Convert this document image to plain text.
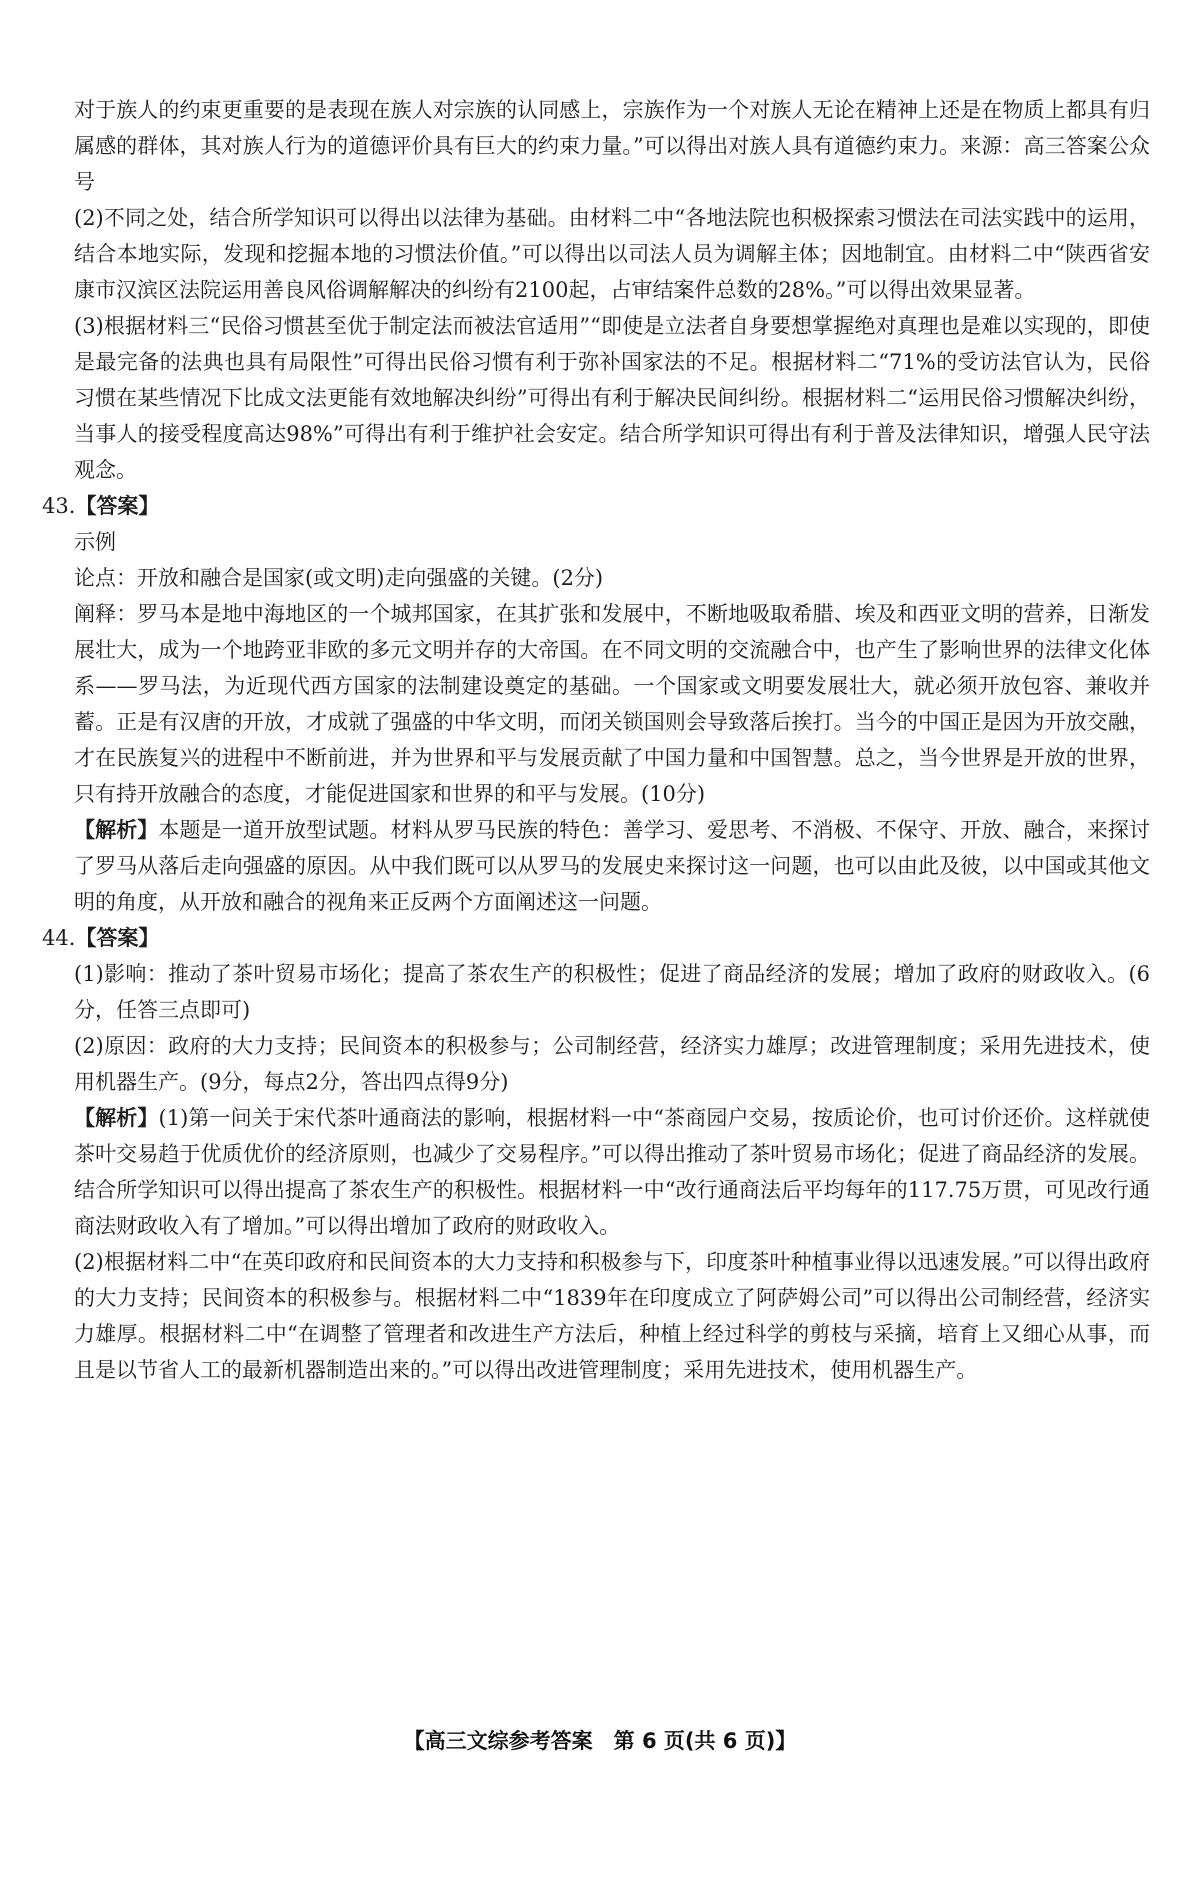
对于族人的约束更重要的是表现在族人对宗族的认同感上，宗族作为一个对族人无论在精神上还是在物质上都具有归属感的群体，其对族人行为的道德评价具有巨大的约束力量。”可以得出对族人具有道德约束力。来源：高三答案公众号

(2)不同之处，结合所学知识可以得出以法律为基础。由材料二中“各地法院也积极探索习惯法在司法实践中的运用，结合本地实际，发现和挖掘本地的习惯法价值。”可以得出以司法人员为调解主体；因地制宜。由材料二中“陕西省安康市汉滨区法院运用善良风俗调解解决的纠纷有2100起，占审结案件总数的28%。”可以得出效果显著。

(3)根据材料三“民俗习惯甚至优于制定法而被法官适用”“即使是立法者自身要想掌握绝对真理也是难以实现的，即使是最完备的法典也具有局限性”可得出民俗习惯有利于弥补国家法的不足。根据材料二“71%的受访法官认为，民俗习惯在某些情况下比成文法更能有效地解决纠纷”可得出有利于解决民间纠纷。根据材料二“运用民俗习惯解决纠纷，当事人的接受程度高达98%”可得出有利于维护社会安定。结合所学知识可得出有利于普及法律知识，增强人民守法观念。

43.【答案】

示例

论点：开放和融合是国家(或文明)走向强盛的关键。(2分)

阐释：罗马本是地中海地区的一个城邦国家，在其扩张和发展中，不断地吸取希腊、埃及和西亚文明的营养，日渐发展壮大，成为一个地跨亚非欧的多元文明并存的大帝国。在不同文明的交流融合中，也产生了影响世界的法律文化体系——罗马法，为近现代西方国家的法制建设奠定的基础。一个国家或文明要发展壮大，就必须开放包容、兼收并蓄。正是有汉唐的开放，才成就了强盛的中华文明，而闭关锁国则会导致落后挨打。当今的中国正是因为开放交融，才在民族复兴的进程中不断前进，并为世界和平与发展贡献了中国力量和中国智慧。总之，当今世界是开放的世界，只有持开放融合的态度，才能促进国家和世界的和平与发展。(10分)

【解析】本题是一道开放型试题。材料从罗马民族的特色：善学习、爱思考、不消极、不保守、开放、融合，来探讨了罗马从落后走向强盛的原因。从中我们既可以从罗马的发展史来探讨这一问题，也可以由此及彼，以中国或其他文明的角度，从开放和融合的视角来正反两个方面阐述这一问题。

44.【答案】

(1)影响：推动了茶叶贸易市场化；提高了茶农生产的积极性；促进了商品经济的发展；增加了政府的财政收入。(6分，任答三点即可)

(2)原因：政府的大力支持；民间资本的积极参与；公司制经营，经济实力雄厚；改进管理制度；采用先进技术，使用机器生产。(9分，每点2分，答出四点得9分)

【解析】(1)第一问关于宋代茶叶通商法的影响，根据材料一中“茶商园户交易，按质论价，也可讨价还价。这样就使茶叶交易趋于优质优价的经济原则，也减少了交易程序。”可以得出推动了茶叶贸易市场化；促进了商品经济的发展。结合所学知识可以得出提高了茶农生产的积极性。根据材料一中“改行通商法后平均每年的117.75万贯，可见改行通商法财政收入有了增加。”可以得出增加了政府的财政收入。

(2)根据材料二中“在英印政府和民间资本的大力支持和积极参与下，印度茶叶种植事业得以迅速发展。”可以得出政府的大力支持；民间资本的积极参与。根据材料二中“1839年在印度成立了阿萨姆公司”可以得出公司制经营，经济实力雄厚。根据材料二中“在调整了管理者和改进生产方法后，种植上经过科学的剪枝与采摘，培育上又细心从事，而且是以节省人工的最新机器制造出来的。”可以得出改进管理制度；采用先进技术，使用机器生产。

【高三文综参考答案　第 6 页(共 6 页)】
